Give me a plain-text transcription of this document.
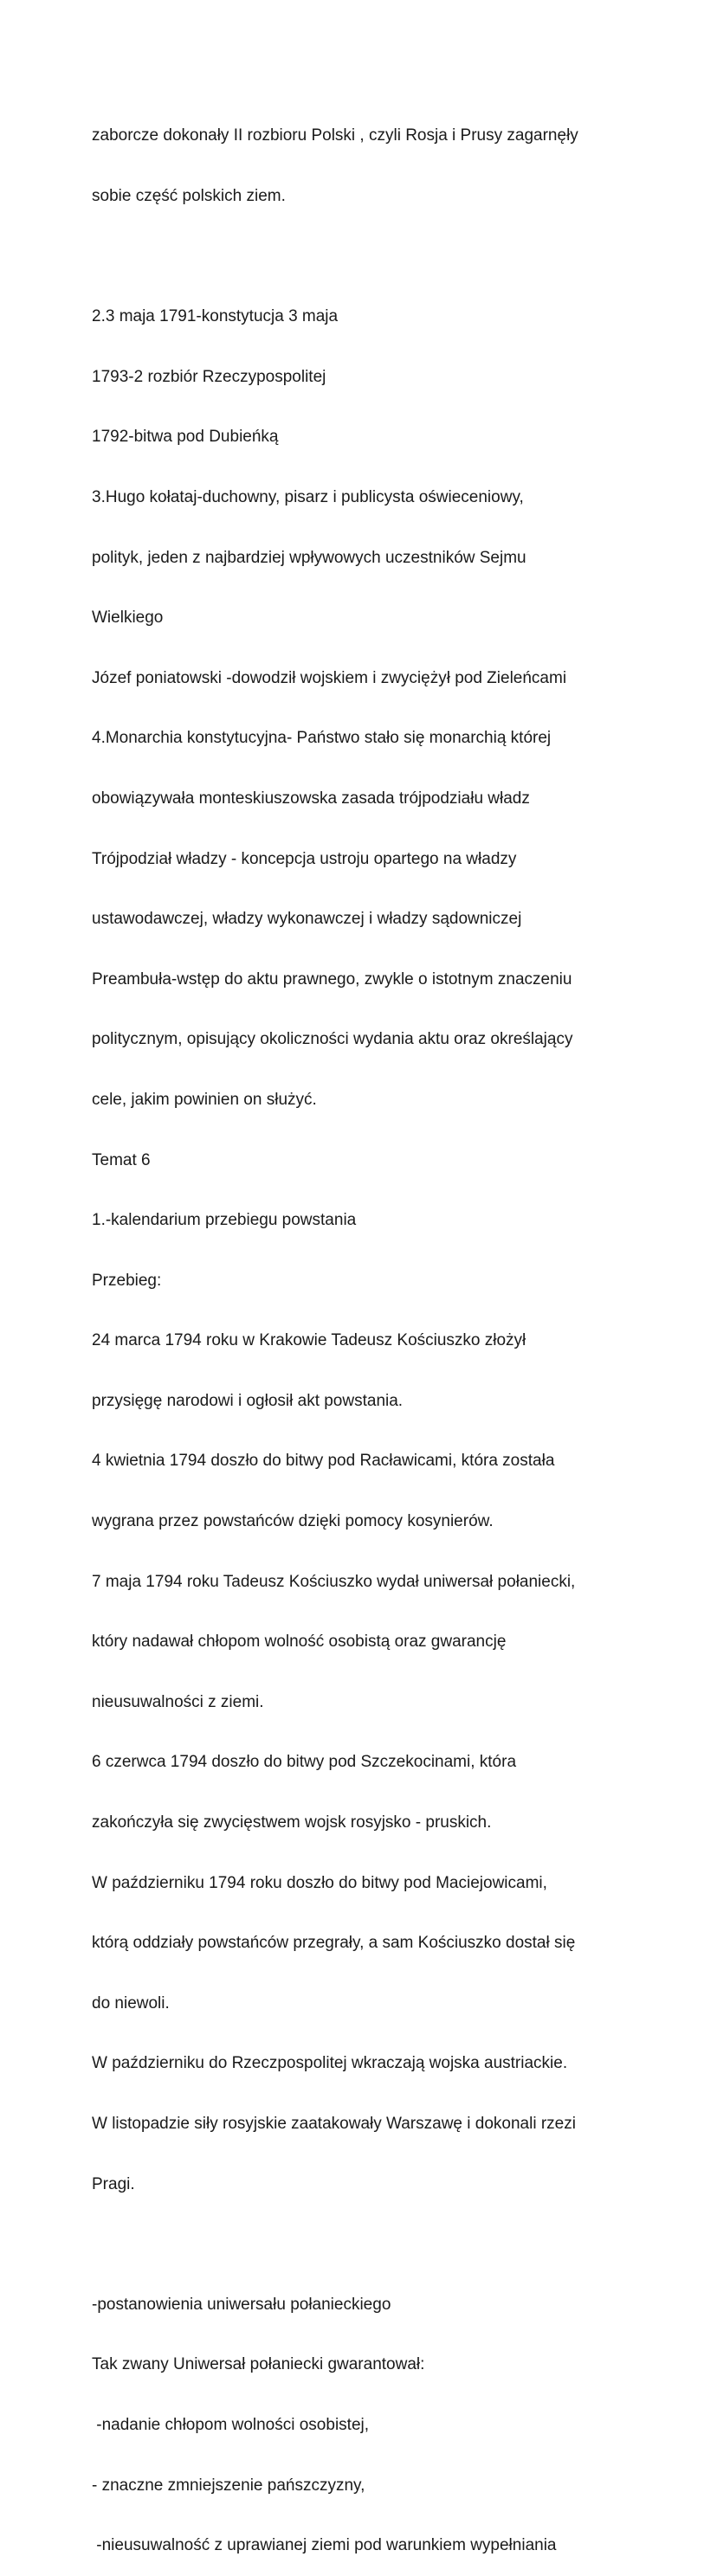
zaborcze dokonały II rozbioru Polski , czyli Rosja i Prusy zagarnęły

sobie część polskich ziem.

2.3 maja 1791-konstytucja 3 maja

1793-2 rozbiór Rzeczypospolitej

1792-bitwa pod Dubieńką

3.Hugo kołataj-duchowny, pisarz i publicysta oświeceniowy,

polityk, jeden z najbardziej wpływowych uczestników Sejmu

Wielkiego

Józef poniatowski -dowodził wojskiem i zwyciężył pod Zieleńcami

4.Monarchia konstytucyjna- Państwo stało się monarchią której

obowiązywała monteskiuszowska zasada trójpodziału władz

Trójpodział władzy - koncepcja ustroju opartego na władzy

ustawodawczej, władzy wykonawczej i władzy sądowniczej

Preambuła-wstęp do aktu prawnego, zwykle o istotnym znaczeniu

politycznym, opisujący okoliczności wydania aktu oraz określający

cele, jakim powinien on służyć.

Temat 6

1.-kalendarium przebiegu powstania

Przebieg:

24 marca 1794 roku w Krakowie Tadeusz Kościuszko złożył

przysięgę narodowi i ogłosił akt powstania.

4 kwietnia 1794 doszło do bitwy pod Racławicami, która została

wygrana przez powstańców dzięki pomocy kosynierów.

7 maja 1794 roku Tadeusz Kościuszko wydał uniwersał połaniecki,

który nadawał chłopom wolność osobistą oraz gwarancję

nieusuwalności z ziemi.

6 czerwca 1794 doszło do bitwy pod Szczekocinami, która

zakończyła się zwycięstwem wojsk rosyjsko - pruskich.

W październiku 1794 roku doszło do bitwy pod Maciejowicami,

którą oddziały powstańców przegrały, a sam Kościuszko dostał się

do niewoli.

W październiku do Rzeczpospolitej wkraczają wojska austriackie.

W listopadzie siły rosyjskie zaatakowały Warszawę i dokonali rzezi

Pragi.

-postanowienia uniwersału połanieckiego

Tak zwany Uniwersał połaniecki gwarantował:

-nadanie chłopom wolności osobistej,

- znaczne zmniejszenie pańszczyzny,

-nieusuwalność z uprawianej ziemi pod warunkiem wypełniania
